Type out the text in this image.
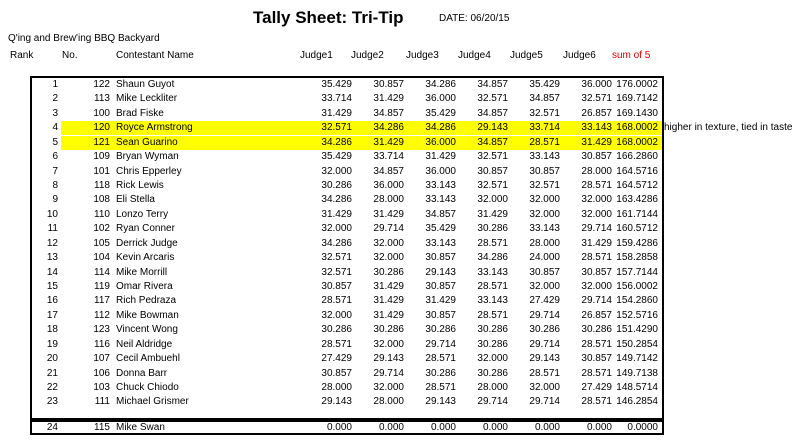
Tally Sheet: Tri-Tip	DATE: 06/20/15
Q'ing and Brew'ing BBQ Backyard
Rank	No.	Contestant Name	Judge1 Judge2 Judge3 Judge4 Judge5 Judge6 sum of 5
1	122 Shaun Guyot	35.429	30.857	34.286	34.857	35.429	36.000 176.0002
2	113 Mike Leckliter	33.714	31.429	36.000	32.571	34.857	32.571 169.7142
3	100 Brad Fiske	31.429	34.857	35.429	34.857	32.571	26.857 169.1430
4	120 Royce Armstrong	32.571	34.286	34.286	29.143	33.714	33.143 168.0002 higher in texture, tied in taste
5	121 Sean Guarino	34.286	31.429	36.000	34.857	28.571	31.429 168.0002
6	109 Bryan Wyman	35.429	33.714	31.429	32.571	33.143	30.857 166.2860
7	101 Chris Epperley	32.000	34.857	36.000	30.857	30.857	28.000 164.5716
8	118 Rick Lewis	30.286	36.000	33.143	32.571	32.571	28.571 164.5712
9	108 Eli Stella	34.286	28.000	33.143	32.000	32.000	32.000 163.4286
10	110 Lonzo Terry	31.429	31.429	34.857	31.429	32.000	32.000 161.7144
11	102 Ryan Conner	32.000	29.714	35.429	30.286	33.143	29.714 160.5712
12	105 Derrick Judge	34.286	32.000	33.143	28.571	28.000	31.429 159.4286
13	104 Kevin Arcaris	32.571	32.000	30.857	34.286	24.000	28.571 158.2858
14	114 Mike Morrill	32.571	30.286	29.143	33.143	30.857	30.857 157.7144
15	119 Omar Rivera	30.857	31.429	30.857	28.571	32.000	32.000 156.0002
16	117 Rich Pedraza	28.571	31.429	31.429	33.143	27.429	29.714 154.2860
17	112 Mike Bowman	32.000	31.429	30.857	28.571	29.714	26.857 152.5716
18	123 Vincent Wong	30.286	30.286	30.286	30.286	30.286	30.286 151.4290
19	116 Neil Aldridge	28.571	32.000	29.714	30.286	29.714	28.571 150.2854
20	107 Cecil Ambuehl	27.429	29.143	28.571	32.000	29.143	30.857 149.7142
21	106 Donna Barr	30.857	29.714	30.286	30.286	28.571	28.571 149.7138
22	103 Chuck Chiodo	28.000	32.000	28.571	28.000	32.000	27.429 148.5714
23	111 Michael Grismer	29.143	28.000	29.143	29.714	29.714	28.571 146.2854
24	115 Mike Swan	0.000	0.000	0.000	0.000	0.000	0.000	0.0000
